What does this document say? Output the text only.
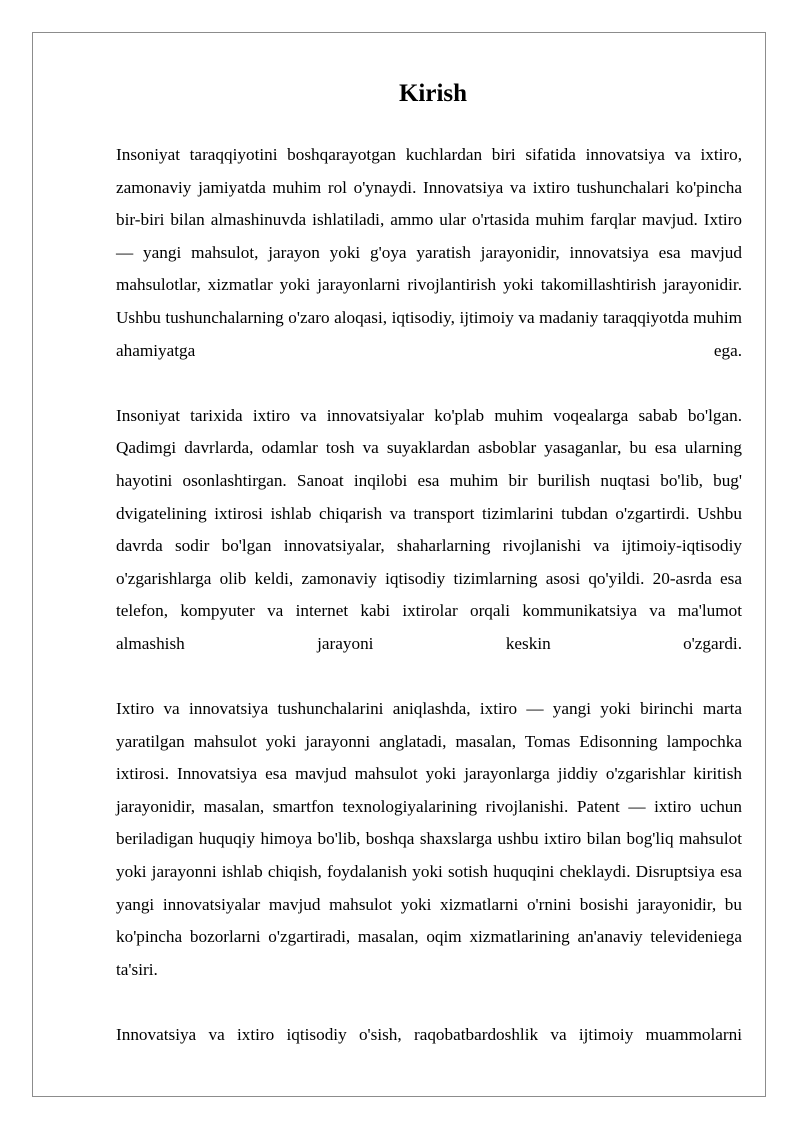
Kirish

Insoniyat taraqqiyotini boshqarayotgan kuchlardan biri sifatida innovatsiya va ixtiro, zamonaviy jamiyatda muhim rol o'ynaydi. Innovatsiya va ixtiro tushunchalari ko'pincha bir-biri bilan almashinuvda ishlatiladi, ammo ular o'rtasida muhim farqlar mavjud. Ixtiro — yangi mahsulot, jarayon yoki g'oya yaratish jarayonidir, innovatsiya esa mavjud mahsulotlar, xizmatlar yoki jarayonlarni rivojlantirish yoki takomillashtirish jarayonidir. Ushbu tushunchalarning o'zaro aloqasi, iqtisodiy, ijtimoiy va madaniy taraqqiyotda muhim ahamiyatga ega.

Insoniyat tarixida ixtiro va innovatsiyalar ko'plab muhim voqealarga sabab bo'lgan. Qadimgi davrlarda, odamlar tosh va suyaklardan asboblar yasaganlar, bu esa ularning hayotini osonlashtirgan. Sanoat inqilobi esa muhim bir burilish nuqtasi bo'lib, bug' dvigatelining ixtirosi ishlab chiqarish va transport tizimlarini tubdan o'zgartirdi. Ushbu davrda sodir bo'lgan innovatsiyalar, shaharlarning rivojlanishi va ijtimoiy-iqtisodiy o'zgarishlarga olib keldi, zamonaviy iqtisodiy tizimlarning asosi qo'yildi. 20-asrda esa telefon, kompyuter va internet kabi ixtirolar orqali kommunikatsiya va ma'lumot almashish jarayoni keskin o'zgardi.

Ixtiro va innovatsiya tushunchalarini aniqlashda, ixtiro — yangi yoki birinchi marta yaratilgan mahsulot yoki jarayonni anglatadi, masalan, Tomas Edisonning lampochka ixtirosi. Innovatsiya esa mavjud mahsulot yoki jarayonlarga jiddiy o'zgarishlar kiritish jarayonidir, masalan, smartfon texnologiyalarining rivojlanishi. Patent — ixtiro uchun beriladigan huquqiy himoya bo'lib, boshqa shaxslarga ushbu ixtiro bilan bog'liq mahsulot yoki jarayonni ishlab chiqish, foydalanish yoki sotish huquqini cheklaydi. Disruptsiya esa yangi innovatsiyalar mavjud mahsulot yoki xizmatlarni o'rnini bosishi jarayonidir, bu ko'pincha bozorlarni o'zgartiradi, masalan, oqim xizmatlarining an'anaviy televideniega ta'siri.

Innovatsiya va ixtiro iqtisodiy o'sish, raqobatbardoshlik va ijtimoiy muammolarni
